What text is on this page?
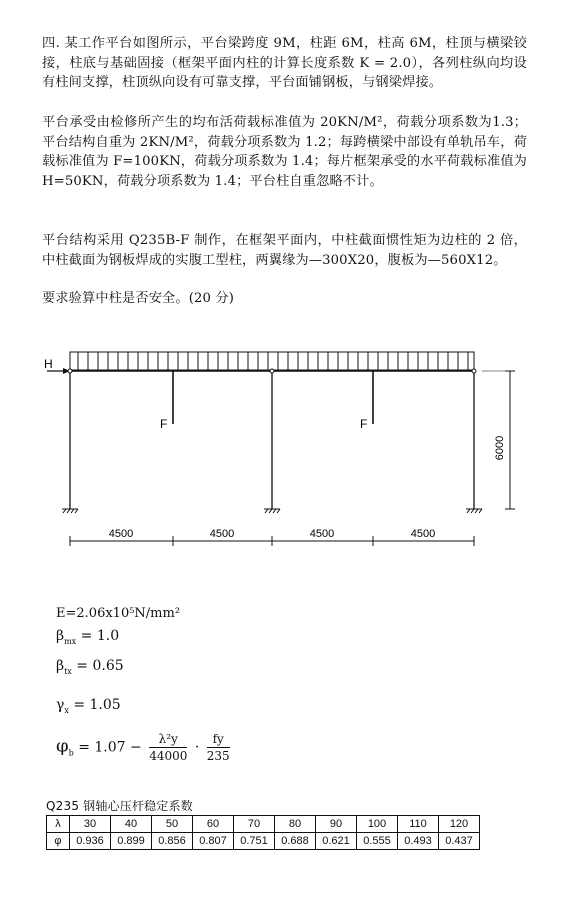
四. 某工作平台如图所示，平台梁跨度 9M，柱距 6M，柱高 6M，柱顶与横梁铰接，柱底与基础固接（框架平面内柱的计算长度系数 K = 2.0），各列柱纵向均设有柱间支撑，柱顶纵向设有可靠支撑，平台面铺钢板，与钢梁焊接。

平台承受由检修所产生的均布活荷载标准值为 20KN/M²，荷载分项系数为1.3；平台结构自重为 2KN/M²，荷载分项系数为 1.2；每跨横梁中部设有单轨吊车，荷载标准值为 F=100KN，荷载分项系数为 1.4；每片框架承受的水平荷载标准值为 H=50KN，荷载分项系数为 1.4；平台柱自重忽略不计。

平台结构采用 Q235B-F 制作，在框架平面内，中柱截面惯性矩为边柱的 2 倍，中柱截面为钢板焊成的实腹工型柱，两翼缘为—300X20，腹板为—560X12。

要求验算中柱是否安全。(20 分)

H
F	F
6000
4500	4500	4500	4500
E=2.06x10⁵N/mm²
$\beta_{mx} = 1.0$
$\beta_{tx} = 0.65$
$\gamma_x = 1.05$
$\varphi_b = 1.07 - \frac{\text{λ²y}}{44000} \cdot \frac{fy}{235}$
Q235 钢轴心压杆稳定系数
λ	30	40	50	60	70	80	90	100	110	120
φ	0.936	0.899	0.856	0.807	0.751	0.688	0.621	0.555	0.493	0.437
